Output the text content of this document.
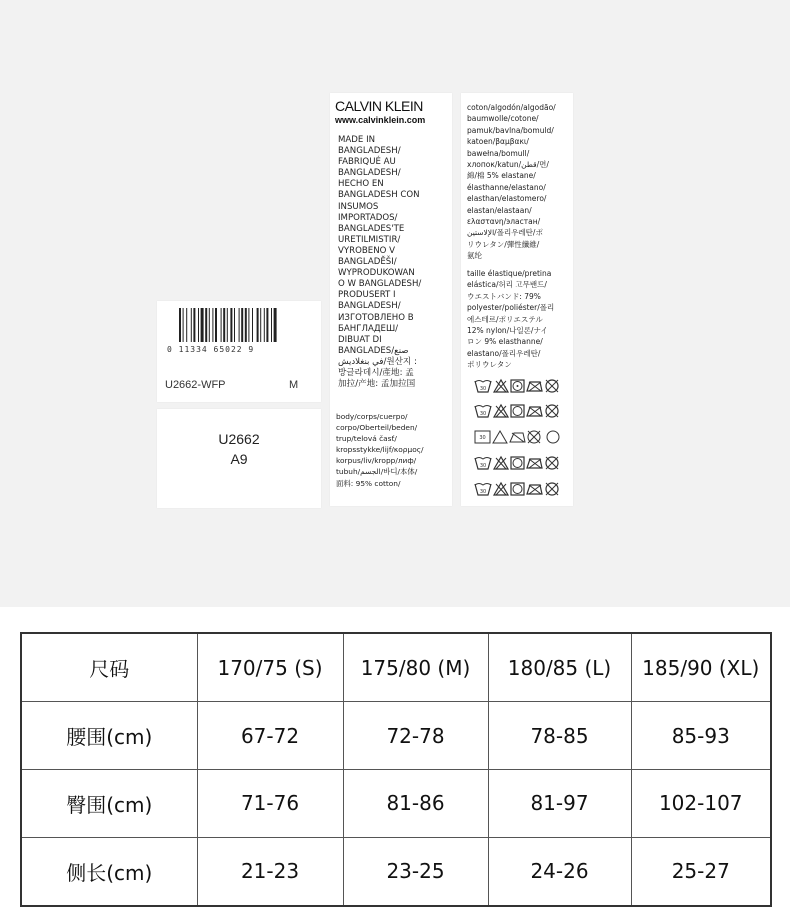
0 11334 65022 9
U2662-WFP	M
U2662
A9
CALVIN KLEIN
www.calvinklein.com
MADE IN
BANGLADESH/
FABRIQUÉ AU
BANGLADESH/
HECHO EN
BANGLADESH CON
INSUMOS
IMPORTADOS/
BANGLADES'TE
URETILMISTIR/
VYROBENO V
BANGLADĚŠI/
WYPRODUKOWAN
O W BANGLADESH/
PRODUSERT I
BANGLADESH/
ИЗГОТОВЛЕНО В
БАНГЛАДЕШ/
DIBUAT DI
BANGLADES/صنع
في بنغلاديش/원산지 :
방글라데시/產地: 孟
加拉/产地: 孟加拉国
body/corps/cuerpo/
corpo/Oberteil/beden/
trup/telová časť/
kropsstykke/lijf/κορμος/
korpus/liv/kropp/лиф/
tubuh/الجسم/바디/本体/
面料: 95% cotton/
coton/algodón/algodão/
baumwolle/cotone/
pamuk/bavlna/bomuld/
katoen/βαμβακι/
bawełna/bomull/
хлопок/katun/قطن/면/
綿/棉 5% elastane/
élasthanne/elastano/
elasthan/elastomero/
elastan/elastaan/
ελαστανη/эластан/
الإلاستين/폴리우레탄/ポ
リウレタン/彈性纖維/
氨纶
taille élastique/pretina
elástica/허리 고무밴드/
ウエストバンド: 79%
polyester/poliéster/폴리
에스테르/ポリエステル
12% nylon/나일론/ナイ
ロン 9% elasthanne/
elastano/폴리우레탄/
ポリウレタン
30
30
30
30
30
尺码	170/75 (S)	175/80 (M)	180/85 (L)	185/90 (XL)
腰围(cm)	67-72	72-78	78-85	85-93
臀围(cm)	71-76	81-86	81-97	102-107
侧长(cm)	21-23	23-25	24-26	25-27
